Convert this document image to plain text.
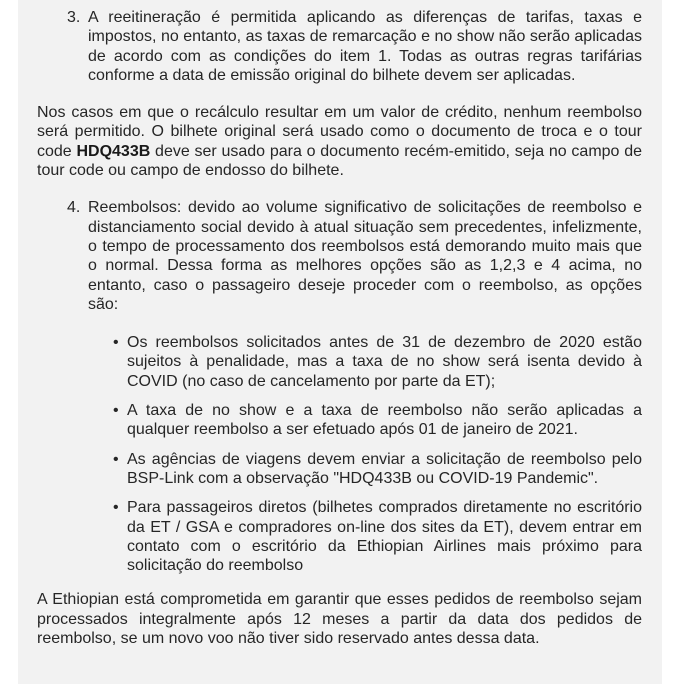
3. A reeitineração é permitida aplicando as diferenças de tarifas, taxas e impostos, no entanto, as taxas de remarcação e no show não serão aplicadas de acordo com as condições do item 1. Todas as outras regras tarifárias conforme a data de emissão original do bilhete devem ser aplicadas.

Nos casos em que o recálculo resultar em um valor de crédito, nenhum reembolso será permitido. O bilhete original será usado como o documento de troca e o tour code HDQ433B deve ser usado para o documento recém-emitido, seja no campo de tour code ou campo de endosso do bilhete.

4. Reembolsos: devido ao volume significativo de solicitações de reembolso e distanciamento social devido à atual situação sem precedentes, infelizmente, o tempo de processamento dos reembolsos está demorando muito mais que o normal. Dessa forma as melhores opções são as 1,2,3 e 4 acima, no entanto, caso o passageiro deseje proceder com o reembolso, as opções são:

• Os reembolsos solicitados antes de 31 de dezembro de 2020 estão sujeitos à penalidade, mas a taxa de no show será isenta devido à COVID (no caso de cancelamento por parte da ET);

• A taxa de no show e a taxa de reembolso não serão aplicadas a qualquer reembolso a ser efetuado após 01 de janeiro de 2021.

• As agências de viagens devem enviar a solicitação de reembolso pelo BSP-Link com a observação "HDQ433B ou COVID-19 Pandemic".

• Para passageiros diretos (bilhetes comprados diretamente no escritório da ET / GSA e compradores on-line dos sites da ET), devem entrar em contato com o escritório da Ethiopian Airlines mais próximo para solicitação do reembolso

A Ethiopian está comprometida em garantir que esses pedidos de reembolso sejam processados integralmente após 12 meses a partir da data dos pedidos de reembolso, se um novo voo não tiver sido reservado antes dessa data.
